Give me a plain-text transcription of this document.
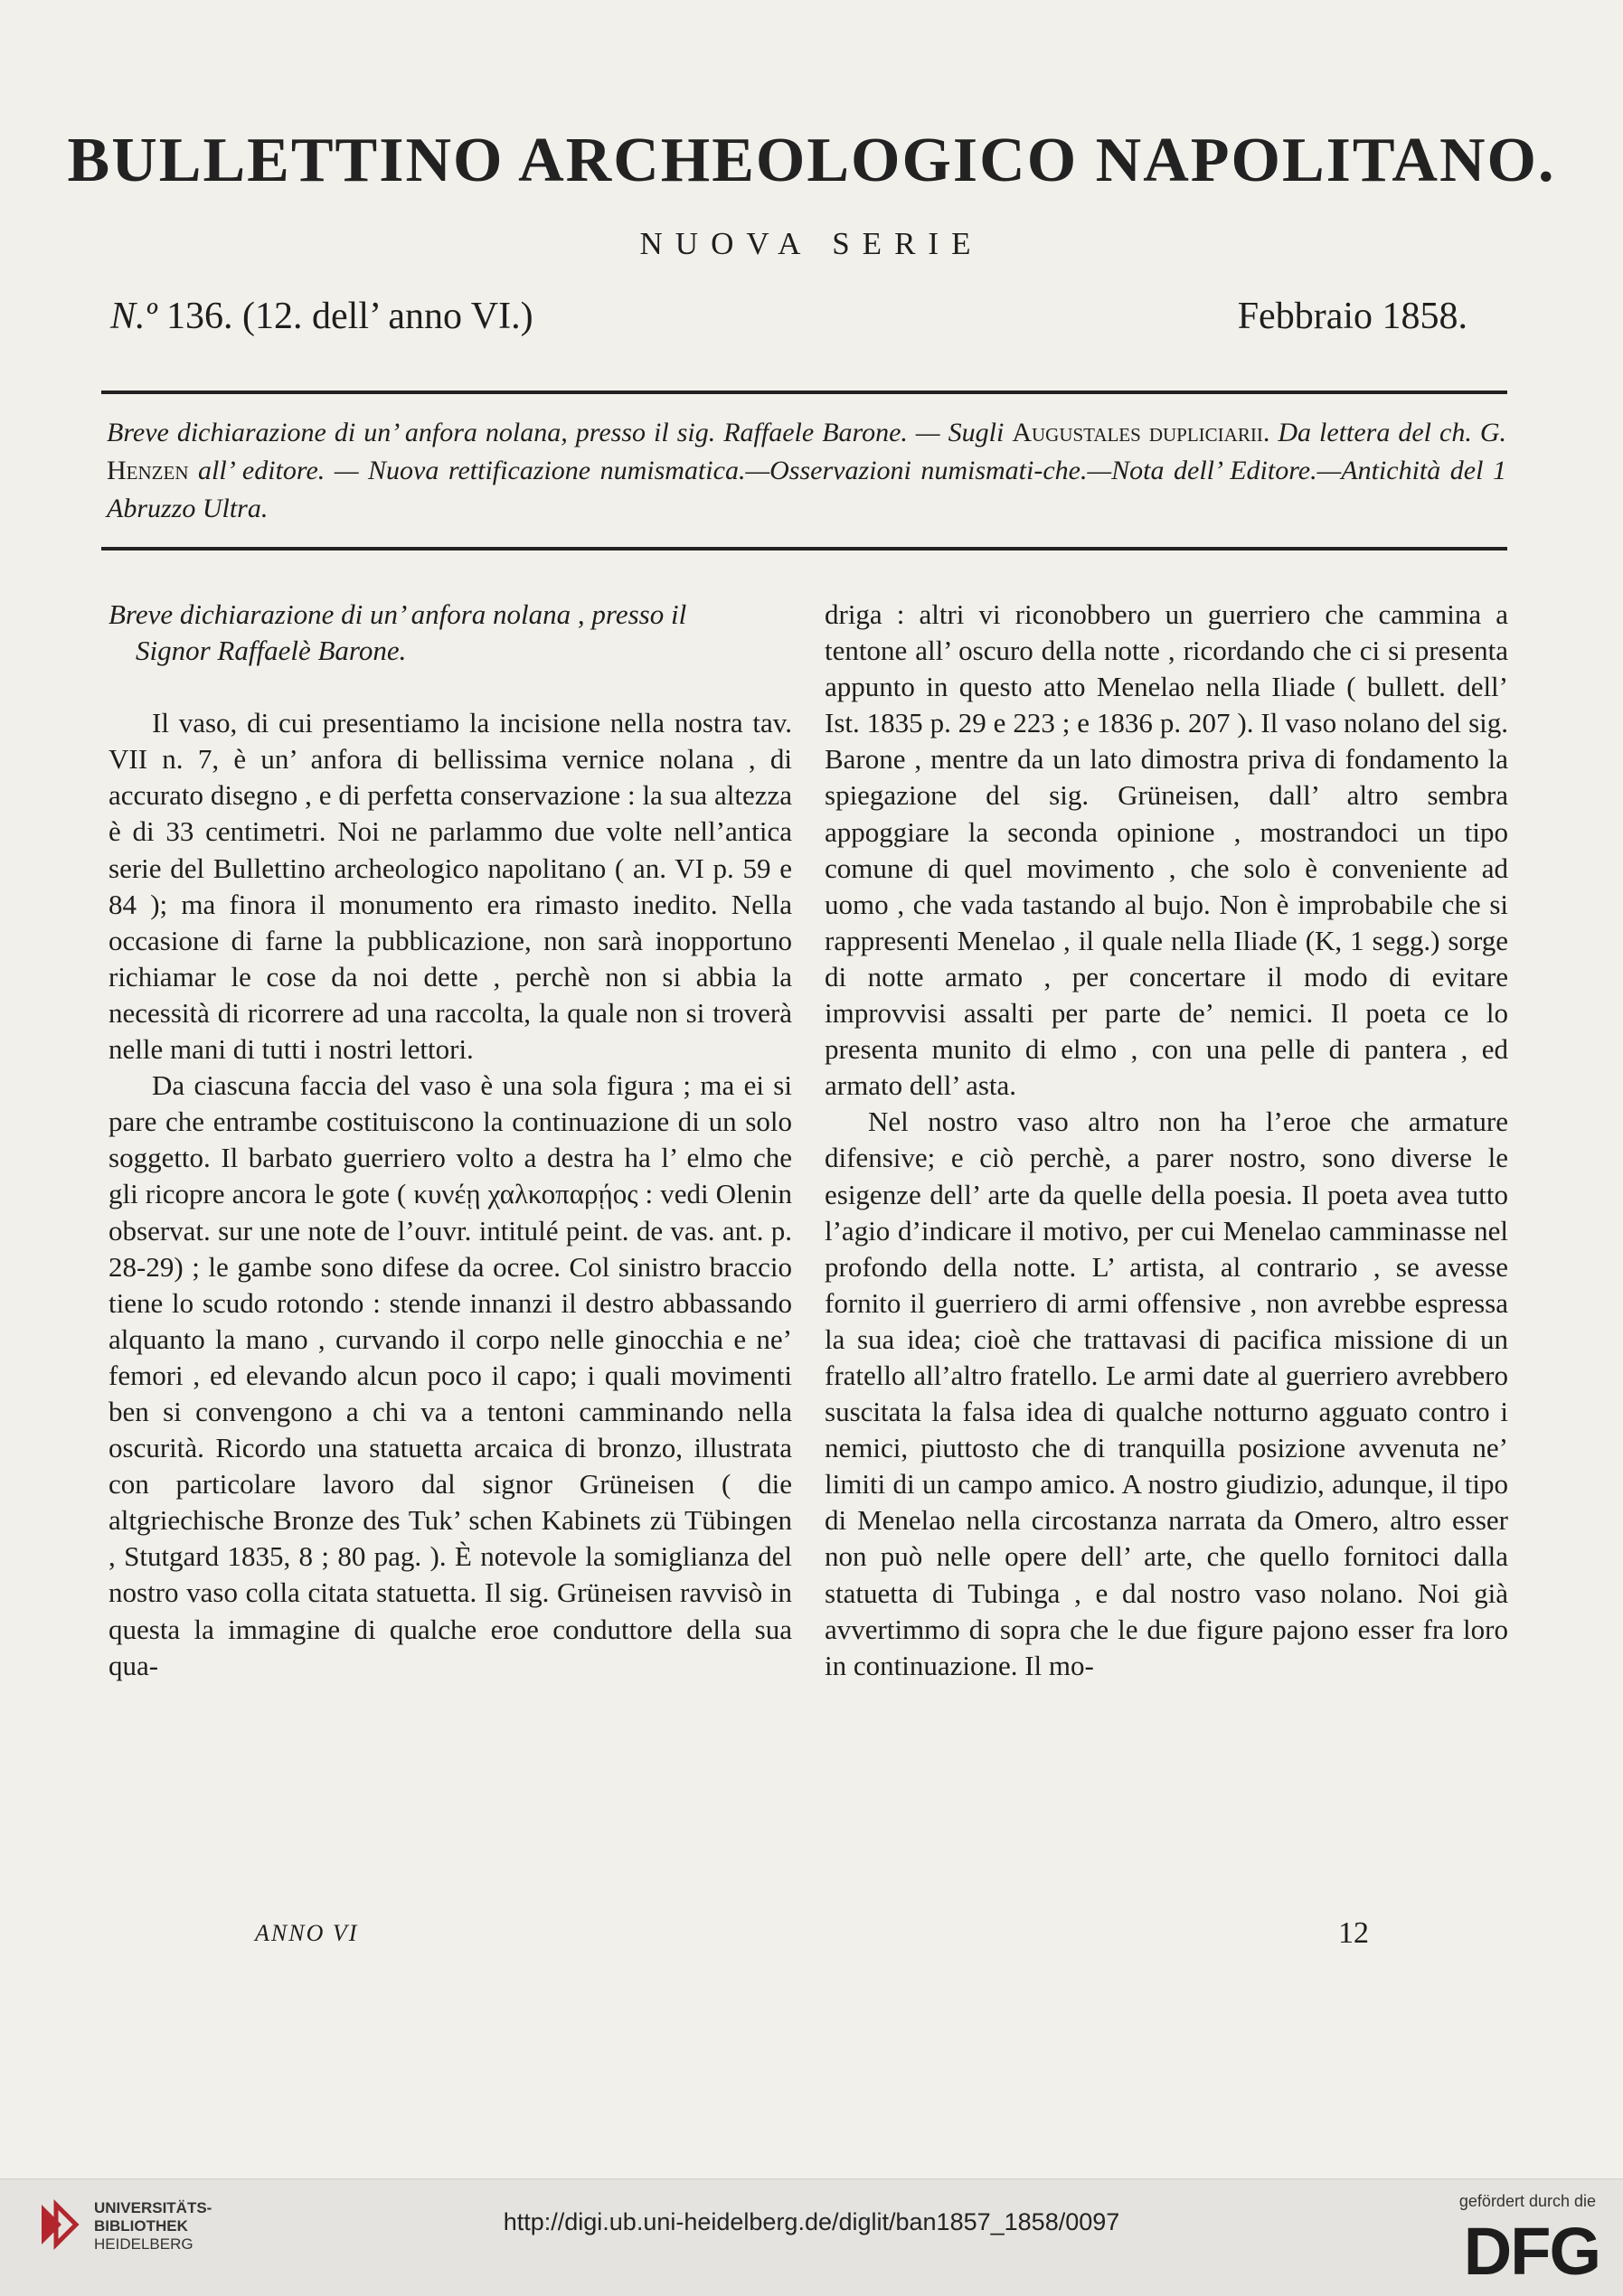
BULLETTINO ARCHEOLOGICO NAPOLITANO.
NUOVA SERIE
N.º 136. (12. dell’ anno VI.)	Febbraio 1858.
Breve dichiarazione di un’ anfora nolana, presso il sig. Raffaele Barone. — Sugli Augustales dupliciarii. Da lettera del ch. G. Henzen all’ editore. — Nuova rettificazione numismatica.—Osservazioni numismati-che.—Nota dell’ Editore.—Antichità del 1 Abruzzo Ultra.
Breve dichiarazione di un’ anfora nolana , presso il
Signor Raffaelè Barone.

Il vaso, di cui presentiamo la incisione nella nostra tav. VII n. 7, è un’ anfora di bellissima vernice nolana , di accurato disegno , e di perfetta conservazione : la sua altezza è di 33 centimetri. Noi ne parlammo due volte nell’antica serie del Bullettino archeologico napolitano ( an. VI p. 59 e 84 ); ma finora il monumento era rimasto inedito. Nella occasione di farne la pubblicazione, non sarà inopportuno richiamar le cose da noi dette , perchè non si abbia la necessità di ricorrere ad una raccolta, la quale non si troverà nelle mani di tutti i nostri lettori.

Da ciascuna faccia del vaso è una sola figura ; ma ei si pare che entrambe costituiscono la continuazione di un solo soggetto. Il barbato guerriero volto a destra ha l’ elmo che gli ricopre ancora le gote ( κυνέῃ χαλκοπαρῄος : vedi Olenin observat. sur une note de l’ouvr. intitulé peint. de vas. ant. p. 28-29) ; le gambe sono difese da ocree. Col sinistro braccio tiene lo scudo rotondo : stende innanzi il destro abbassando alquanto la mano , curvando il corpo nelle ginocchia e ne’ femori , ed elevando alcun poco il capo; i quali movimenti ben si convengono a chi va a tentoni camminando nella oscurità. Ricordo una statuetta arcaica di bronzo, illustrata con particolare lavoro dal signor Grüneisen ( die altgriechische Bronze des Tuk’ schen Kabinets zü Tübingen , Stutgard 1835, 8 ; 80 pag. ). È notevole la somiglianza del nostro vaso colla citata statuetta. Il sig. Grüneisen ravvisò in questa la immagine di qualche eroe conduttore della sua qua-

driga : altri vi riconobbero un guerriero che cammina a tentone all’ oscuro della notte , ricordando che ci si presenta appunto in questo atto Menelao nella Iliade ( bullett. dell’ Ist. 1835 p. 29 e 223 ; e 1836 p. 207 ). Il vaso nolano del sig. Barone , mentre da un lato dimostra priva di fondamento la spiegazione del sig. Grüneisen, dall’ altro sembra appoggiare la seconda opinione , mostrandoci un tipo comune di quel movimento , che solo è conveniente ad uomo , che vada tastando al bujo. Non è improbabile che si rappresenti Menelao , il quale nella Iliade (K, 1 segg.) sorge di notte armato , per concertare il modo di evitare improvvisi assalti per parte de’ nemici. Il poeta ce lo presenta munito di elmo , con una pelle di pantera , ed armato dell’ asta.

Nel nostro vaso altro non ha l’eroe che armature difensive; e ciò perchè, a parer nostro, sono diverse le esigenze dell’ arte da quelle della poesia. Il poeta avea tutto l’agio d’indicare il motivo, per cui Menelao camminasse nel profondo della notte. L’ artista, al contrario , se avesse fornito il guerriero di armi offensive , non avrebbe espressa la sua idea; cioè che trattavasi di pacifica missione di un fratello all’altro fratello. Le armi date al guerriero avrebbero suscitata la falsa idea di qualche notturno agguato contro i nemici, piuttosto che di tranquilla posizione avvenuta ne’ limiti di un campo amico. A nostro giudizio, adunque, il tipo di Menelao nella circostanza narrata da Omero, altro esser non può nelle opere dell’ arte, che quello fornitoci dalla statuetta di Tubinga , e dal nostro vaso nolano. Noi già avvertimmo di sopra che le due figure pajono esser fra loro in continuazione. Il mo-

ANNO VI	12
UNIVERSITÄTS-
BIBLIOTHEK
HEIDELBERG
http://digi.ub.uni-heidelberg.de/diglit/ban1857_1858/0097
gefördert durch die
DFG
